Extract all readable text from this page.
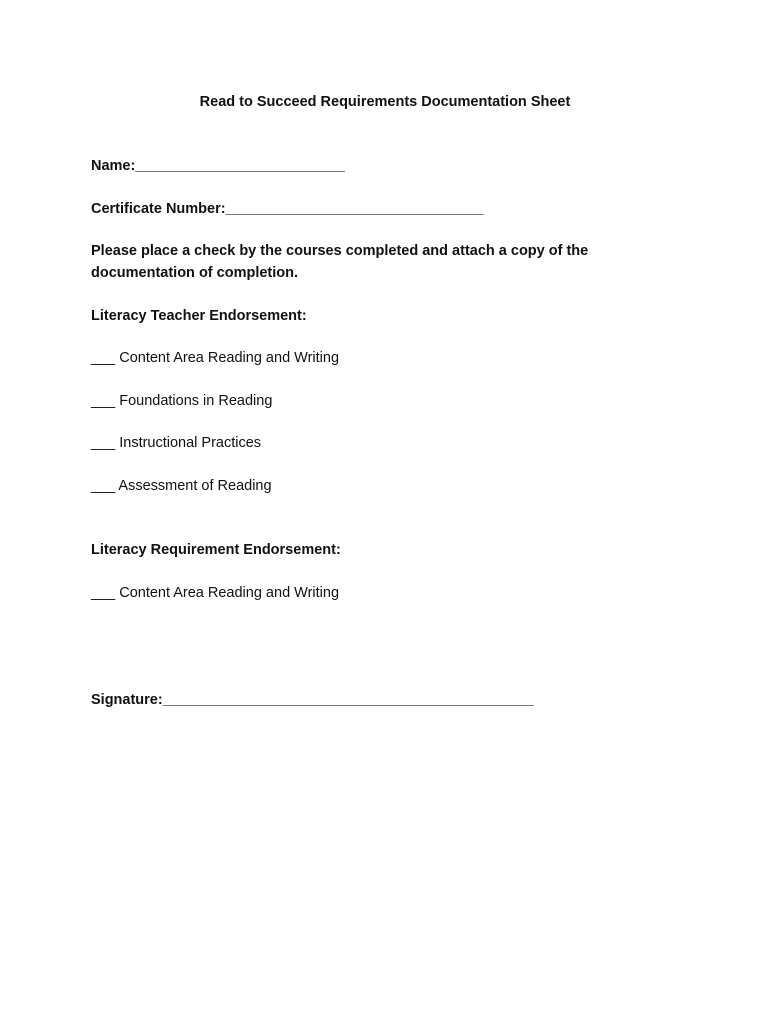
Read to Succeed Requirements Documentation Sheet
Name:__________________________
Certificate Number:________________________________
Please place a check by the courses completed and attach a copy of the documentation of completion.
Literacy Teacher Endorsement:
___ Content Area Reading and Writing
___ Foundations in Reading
___ Instructional Practices
___ Assessment of Reading
Literacy Requirement Endorsement:
___ Content Area Reading and Writing
Signature:______________________________________________
